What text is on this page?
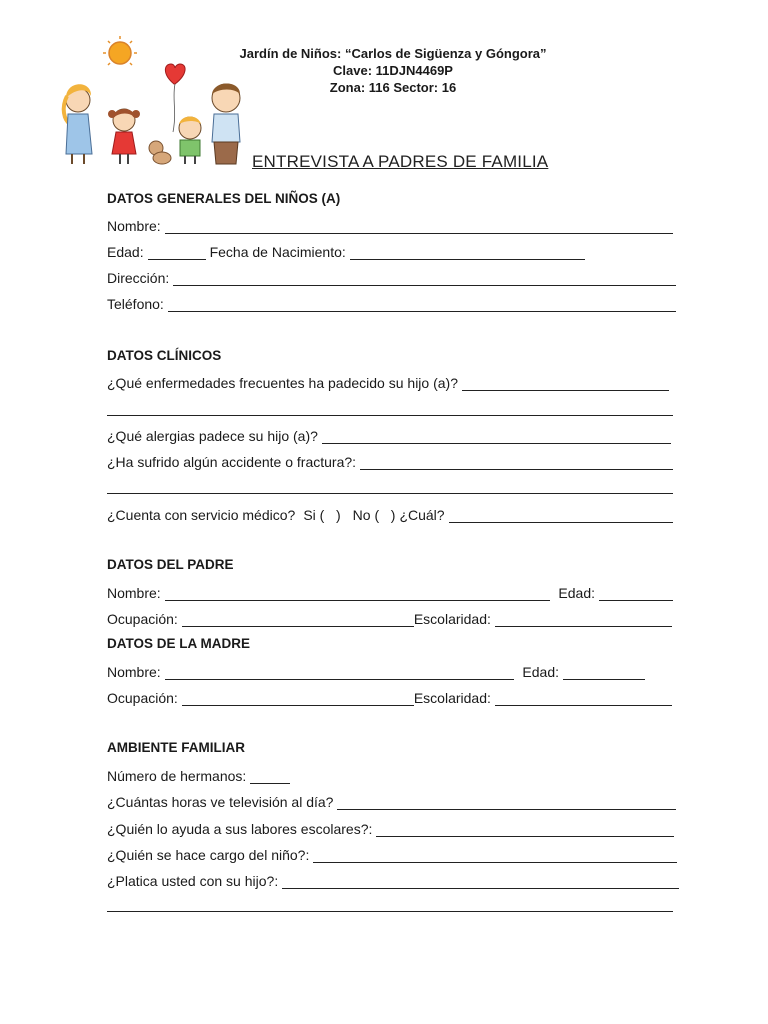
Jardín de Niños: “Carlos de Sigüenza y Góngora”
Clave: 11DJN4469P
Zona: 116 Sector: 16
ENTREVISTA A PADRES DE FAMILIA
DATOS GENERALES DEL NIÑOS (A)
Nombre:
Edad:	Fecha de Nacimiento:
Dirección:
Teléfono:
DATOS CLÍNICOS
¿Qué enfermedades frecuentes ha padecido su hijo (a)?
¿Qué alergias padece su hijo (a)?
¿Ha sufrido algún accidente o fractura?:
¿Cuenta con servicio médico? Si (   ) No (   ) ¿Cuál?
DATOS DEL PADRE
Nombre:	Edad:
Ocupación:	Escolaridad:
DATOS DE LA MADRE
Nombre:	Edad:
Ocupación:	Escolaridad:
AMBIENTE FAMILIAR
Número de hermanos:
¿Cuántas horas ve televisión al día?
¿Quién lo ayuda a sus labores escolares?:
¿Quién se hace cargo del niño?:
¿Platica usted con su hijo?:
